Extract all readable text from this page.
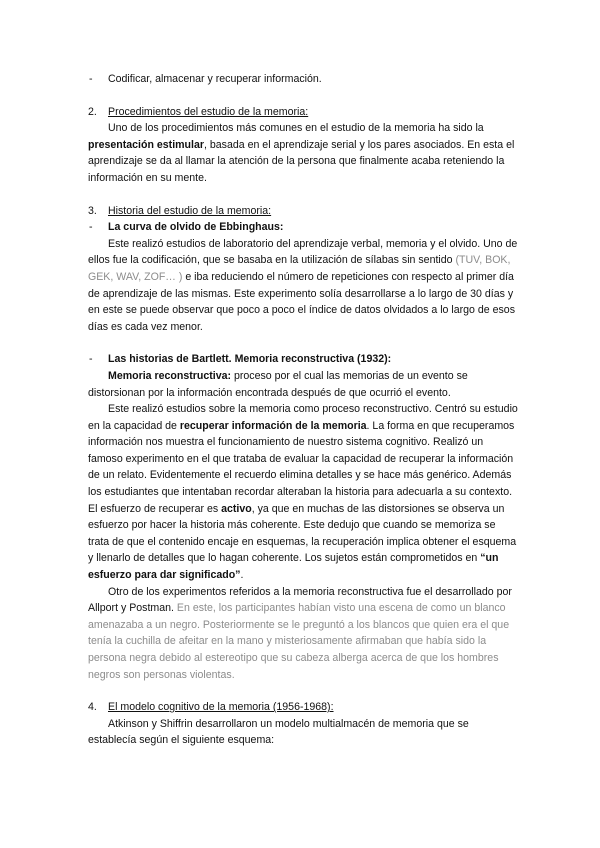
- Codificar, almacenar y recuperar información.
2. Procedimientos del estudio de la memoria:

Uno de los procedimientos más comunes en el estudio de la memoria ha sido la presentación estimular, basada en el aprendizaje serial y los pares asociados. En esta el aprendizaje se da al llamar la atención de la persona que finalmente acaba reteniendo la información en su mente.

3. Historia del estudio de la memoria:
- La curva de olvido de Ebbinghaus:

Este realizó estudios de laboratorio del aprendizaje verbal, memoria y el olvido. Uno de ellos fue la codificación, que se basaba en la utilización de sílabas sin sentido (TUV, BOK, GEK, WAV, ZOF… ) e iba reduciendo el número de repeticiones con respecto al primer día de aprendizaje de las mismas. Este experimento solía desarrollarse a lo largo de 30 días y en este se puede observar que poco a poco el índice de datos olvidados a lo largo de esos días es cada vez menor.

- Las historias de Bartlett. Memoria reconstructiva (1932):

Memoria reconstructiva: proceso por el cual las memorias de un evento se distorsionan por la información encontrada después de que ocurrió el evento.

Este realizó estudios sobre la memoria como proceso reconstructivo. Centró su estudio en la capacidad de recuperar información de la memoria. La forma en que recuperamos información nos muestra el funcionamiento de nuestro sistema cognitivo. Realizó un famoso experimento en el que trataba de evaluar la capacidad de recuperar la información de un relato. Evidentemente el recuerdo elimina detalles y se hace más genérico. Además los estudiantes que intentaban recordar alteraban la historia para adecuarla a su contexto. El esfuerzo de recuperar es activo, ya que en muchas de las distorsiones se observa un esfuerzo por hacer la historia más coherente. Este dedujo que cuando se memoriza se trata de que el contenido encaje en esquemas, la recuperación implica obtener el esquema y llenarlo de detalles que lo hagan coherente. Los sujetos están comprometidos en “un esfuerzo para dar significado”.

Otro de los experimentos referidos a la memoria reconstructiva fue el desarrollado por Allport y Postman. En este, los participantes habían visto una escena de como un blanco amenazaba a un negro. Posteriormente se le preguntó a los blancos que quien era el que tenía la cuchilla de afeitar en la mano y misteriosamente afirmaban que había sido la persona negra debido al estereotipo que su cabeza alberga acerca de que los hombres negros son personas violentas.

4. El modelo cognitivo de la memoria (1956-1968):

Atkinson y Shiffrin desarrollaron un modelo multialmacén de memoria que se establecía según el siguiente esquema:
